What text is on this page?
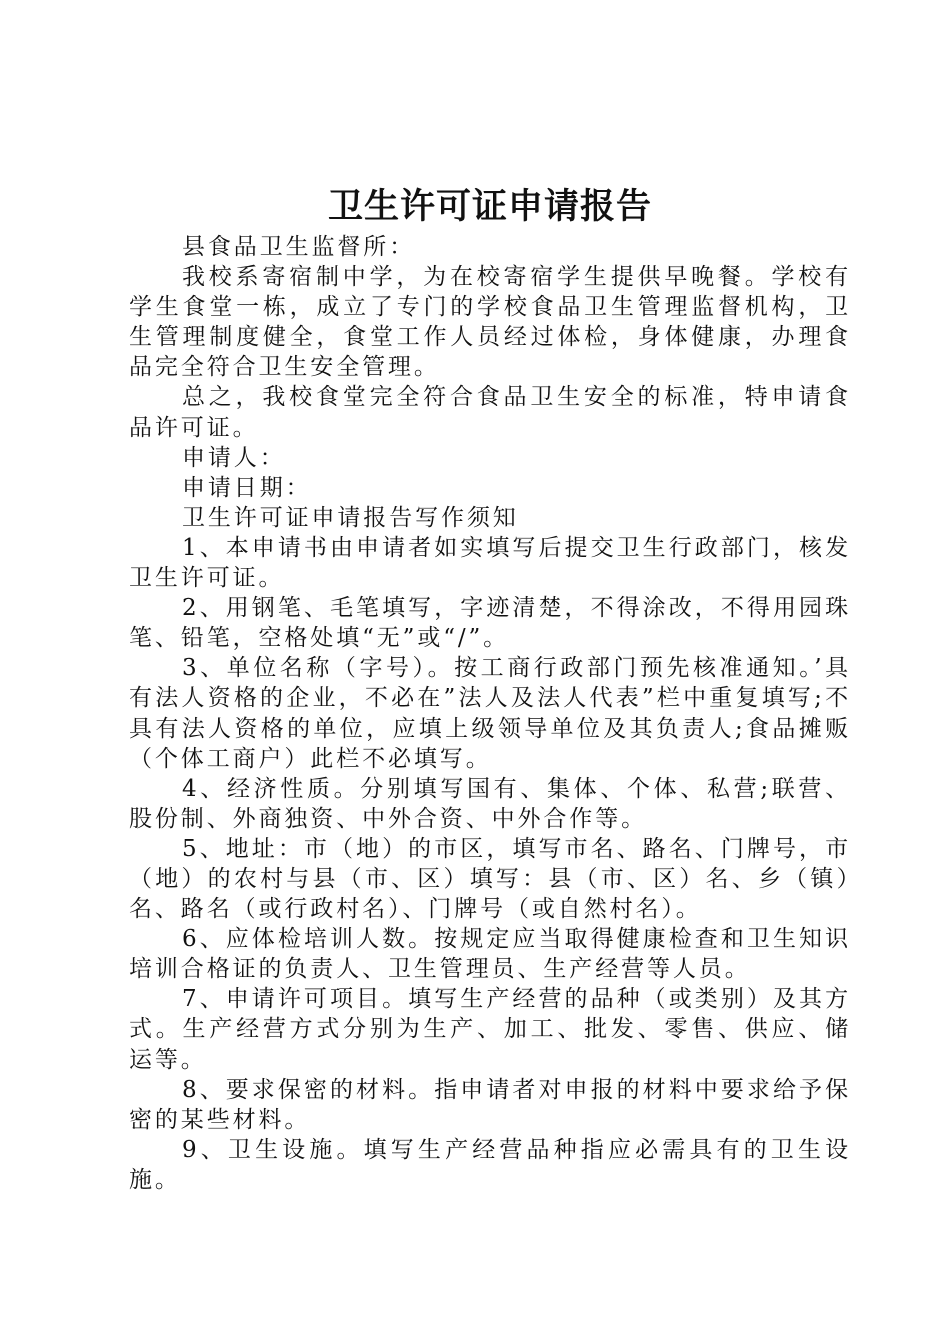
卫生许可证申请报告

县食品卫生监督所：

我校系寄宿制中学，为在校寄宿学生提供早晚餐。学校有学生食堂一栋，成立了专门的学校食品卫生管理监督机构，卫生管理制度健全，食堂工作人员经过体检，身体健康，办理食品完全符合卫生安全管理。

总之，我校食堂完全符合食品卫生安全的标准，特申请食品许可证。

申请人：

申请日期：

卫生许可证申请报告写作须知

1、本申请书由申请者如实填写后提交卫生行政部门，核发卫生许可证。

2、用钢笔、毛笔填写，字迹清楚，不得涂改，不得用园珠笔、铅笔，空格处填“无”或“/”。

3、单位名称（字号）。按工商行政部门预先核准通知。’具有法人资格的企业，不必在”法人及法人代表”栏中重复填写;不具有法人资格的单位，应填上级领导单位及其负责人;食品摊贩（个体工商户）此栏不必填写。

4、经济性质。分别填写国有、集体、个体、私营;联营、股份制、外商独资、中外合资、中外合作等。

5、地址：市（地）的市区，填写市名、路名、门牌号，市（地）的农村与县（市、区）填写：县（市、区）名、乡（镇）名、路名（或行政村名）、门牌号（或自然村名）。

6、应体检培训人数。按规定应当取得健康检查和卫生知识培训合格证的负责人、卫生管理员、生产经营等人员。

7、申请许可项目。填写生产经营的品种（或类别）及其方式。生产经营方式分别为生产、加工、批发、零售、供应、储运等。

8、要求保密的材料。指申请者对申报的材料中要求给予保密的某些材料。

9、卫生设施。填写生产经营品种指应必需具有的卫生设施。
